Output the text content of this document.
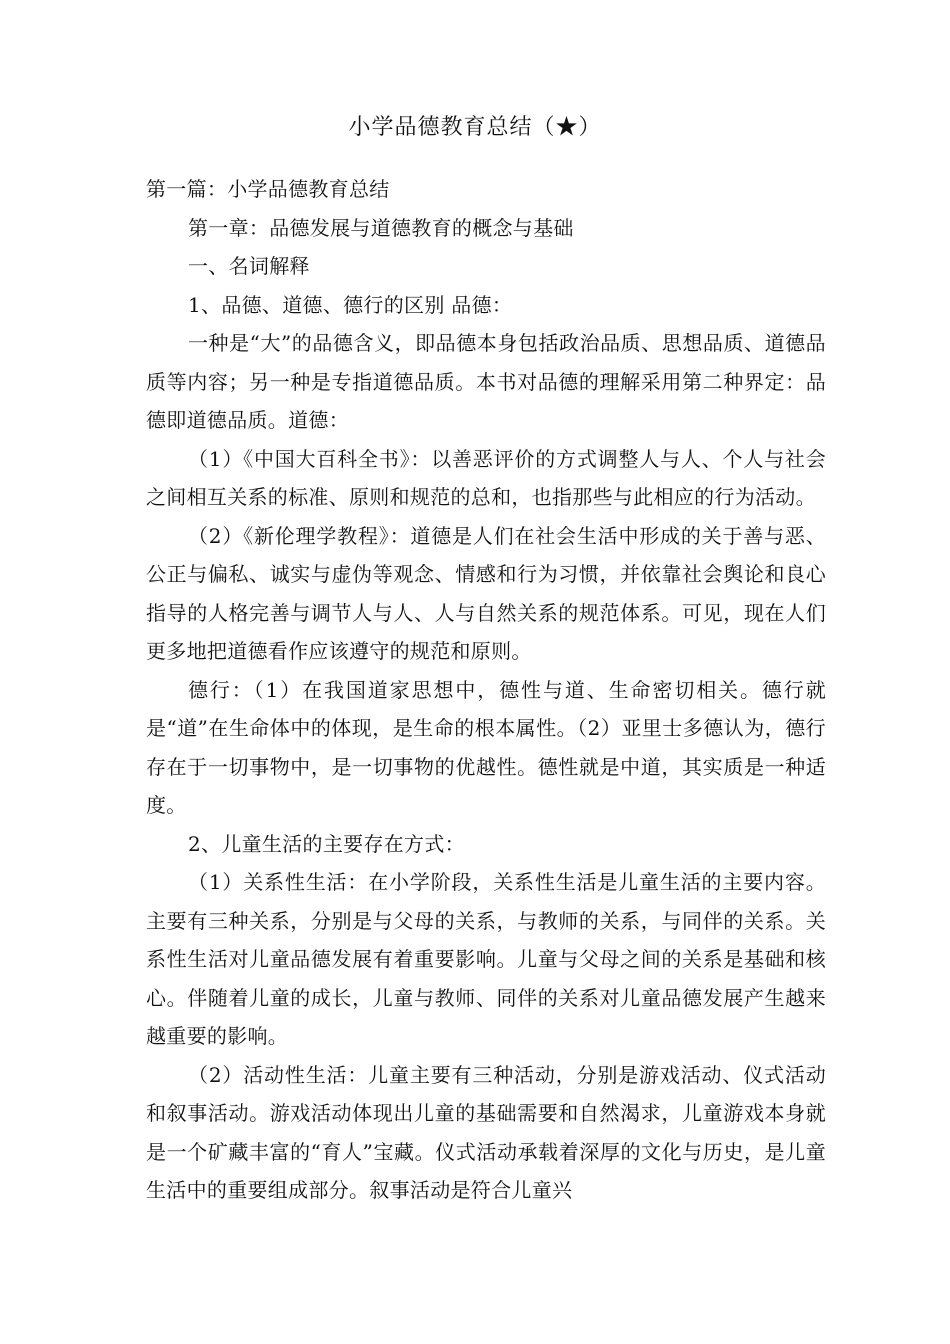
小学品德教育总结（★）

第一篇：小学品德教育总结

第一章：品德发展与道德教育的概念与基础

一、名词解释

1、品德、道德、德行的区别 品德：

一种是“大”的品德含义，即品德本身包括政治品质、思想品质、道德品质等内容；另一种是专指道德品质。本书对品德的理解采用第二种界定：品德即道德品质。道德：

（1）《中国大百科全书》：以善恶评价的方式调整人与人、个人与社会之间相互关系的标准、原则和规范的总和，也指那些与此相应的行为活动。

（2）《新伦理学教程》：道德是人们在社会生活中形成的关于善与恶、公正与偏私、诚实与虚伪等观念、情感和行为习惯，并依靠社会舆论和良心指导的人格完善与调节人与人、人与自然关系的规范体系。可见，现在人们更多地把道德看作应该遵守的规范和原则。

德行：（1）在我国道家思想中，德性与道、生命密切相关。德行就是“道”在生命体中的体现，是生命的根本属性。（2）亚里士多德认为，德行存在于一切事物中，是一切事物的优越性。德性就是中道，其实质是一种适度。

2、儿童生活的主要存在方式：

（1）关系性生活：在小学阶段，关系性生活是儿童生活的主要内容。主要有三种关系，分别是与父母的关系，与教师的关系，与同伴的关系。关系性生活对儿童品德发展有着重要影响。儿童与父母之间的关系是基础和核心。伴随着儿童的成长，儿童与教师、同伴的关系对儿童品德发展产生越来越重要的影响。

（2）活动性生活：儿童主要有三种活动，分别是游戏活动、仪式活动和叙事活动。游戏活动体现出儿童的基础需要和自然渴求，儿童游戏本身就是一个矿藏丰富的“育人”宝藏。仪式活动承载着深厚的文化与历史，是儿童生活中的重要组成部分。叙事活动是符合儿童兴
